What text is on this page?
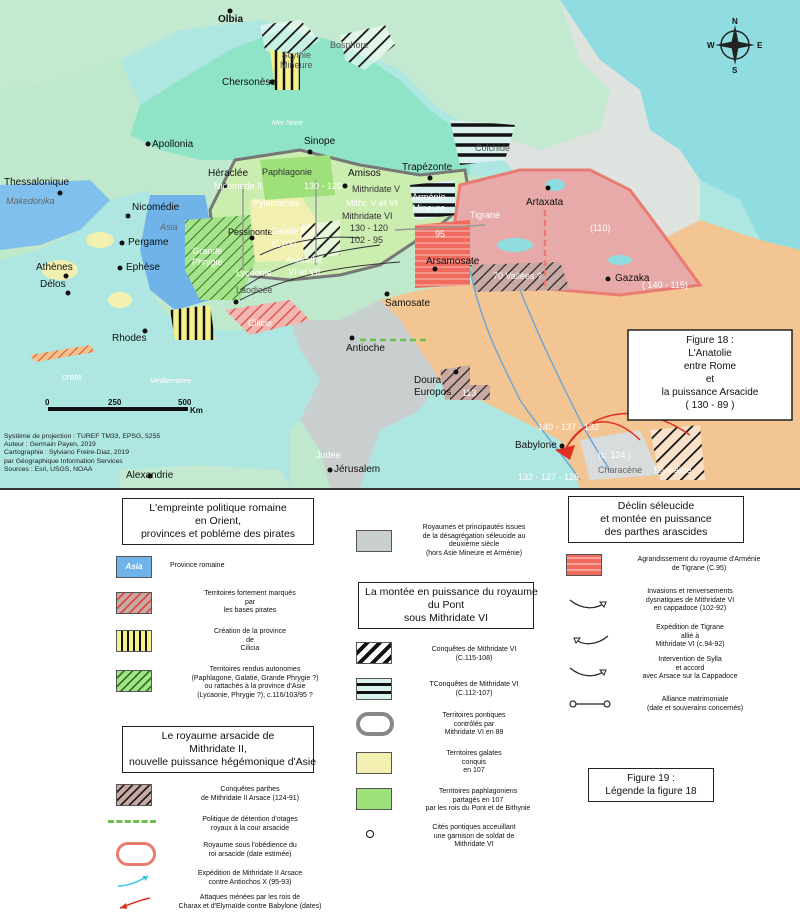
Olbia
Chersonèse
Apollonia
Thessalonique
Héraclée
Sinope
Amisos
Trapézonte
Nicomédie
Pergame
Ephèse
Athènes
Délos
Rhodes
Pessinonte
Laodicée
Artaxata
Arsamosate
Samosate
Antioche
Gazaka
Doura
Europos
Babylone
Jérusalem
Alexandrie
Scythie
Mineure
Bosphore
Colchide
Paphlagonie
Nicomède II	130 - 120
Pylaimenes
Mithridate V
Mithr. V et VI
Mithridate VI
130 - 120
102 - 95
Arménie
Mineure
Tigrane
Grande
Phrygie
Galatie
C.100
Lycaonie
Ariarathe
VI et VII
Cilicie
Makedonika
Asia
crete
Mer Noire
Méditerranée
Judée
Characène Elymaïde
70 Vallées ?
95
(110)
( 140 - 115)
(c. 124 )
113
140 - 137 - 132
132 - 127 - 126
N
S
E
W
0	250	500
Km
Système de projection : TUREF TM33, EPSG, 5255
Auteur : Germain Payen, 2019
Cartographie : Sylviano Freire-Diaz, 2019
par Géographique Information Services
Sources : Esri, USGS, NOAA
Figure 18 :
L'Anatolie
entre Rome
et
la puissance Arsacide
( 130 - 89 )
L'empreinte politique romaine
en Orient,
provinces et pobléme des pirates
Asia	Province romaine
Territoires fortement marqués
par
les bases pirates
Création de la province
de
Cilicia
Territoires rendus autonomes
(Paphlagone, Galatie, Grande Phrygie ?)
ou rattachés à la province d'Asie
(Lycaonie, Phrygie ?), c.116/103/95 ?
Le royaume arsacide de
Mithridate II,
nouvelle puissance hégémonique d'Asie
Conquêtes parthes
de Mithridate II Arsace (124-91)
Politique de détention d'otages
royaux à la cour arsacide
Royaume sous l'obédience du
roi arsacide (date estimée)
Expédition de Mithridate II Arsace
contre Antiochos X (95-93)
Attaques ménées par les rois de
Charax et d'Elymaïde contre Babylone (dates)
Royaumes et principautés issues
de la désagrégation séleucide au
deuxième siècle
(hors Asie Mineure et Arménie)
La montée en puissance du royaume
du Pont
sous Mithridate VI
Conquêtes de Mithridate VI
(C.115-108)
TConquêtes de Mithridate VI
(C.112-107)
Territoires pontiques
contrôlés par
Mithridate VI en 89
Territoires galates
conquis
en 107
Territoires paphlagoniens
partagés en 107
par les rois du Pont et de Bithynie
Cités pontiques acceuillant
une garnison de soldat de
Mithridate VI
Déclin séleucide
et montée en puissance
des parthes arascides
Agrandissement du royaume d'Arménie
de Tigrane (C.95)
Invasions et renversements
dysnatiques de Mithridate VI
en cappadoce (102-92)
Expédition de Tigrane
allié à
Mithridate VI (c.94-92)
Intervention de Sylla
et accord
avec Arsace sur la Cappadoce
Alliance matrimoniale
(date et souverains concernés)
Figure 19 :
Légende la figure 18
